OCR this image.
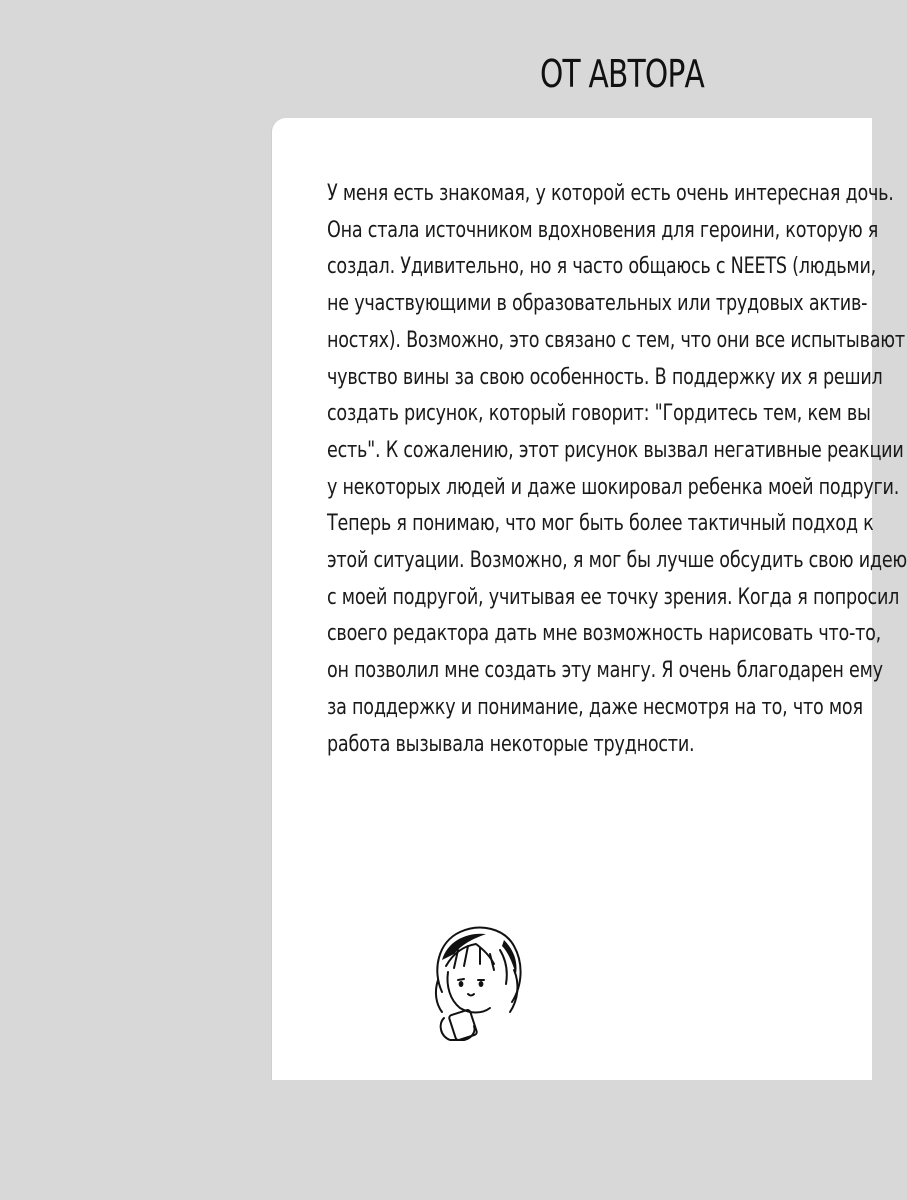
ОТ АВТОРА
У меня есть знакомая, у которой есть очень интересная дочь.
Она стала источником вдохновения для героини, которую я
создал. Удивительно, но я часто общаюсь с NEETS (людьми,
не участвующими в образовательных или трудовых актив-
ностях). Возможно, это связано с тем, что они все испытывают
чувство вины за свою особенность. В поддержку их я решил
создать рисунок, который говорит: "Гордитесь тем, кем вы
есть". К сожалению, этот рисунок вызвал негативные реакции
у некоторых людей и даже шокировал ребенка моей подруги.
Теперь я понимаю, что мог быть более тактичный подход к
этой ситуации. Возможно, я мог бы лучше обсудить свою идею
с моей подругой, учитывая ее точку зрения. Когда я попросил
своего редактора дать мне возможность нарисовать что-то,
он позволил мне создать эту мангу. Я очень благодарен ему
за поддержку и понимание, даже несмотря на то, что моя
работа вызывала некоторые трудности.
